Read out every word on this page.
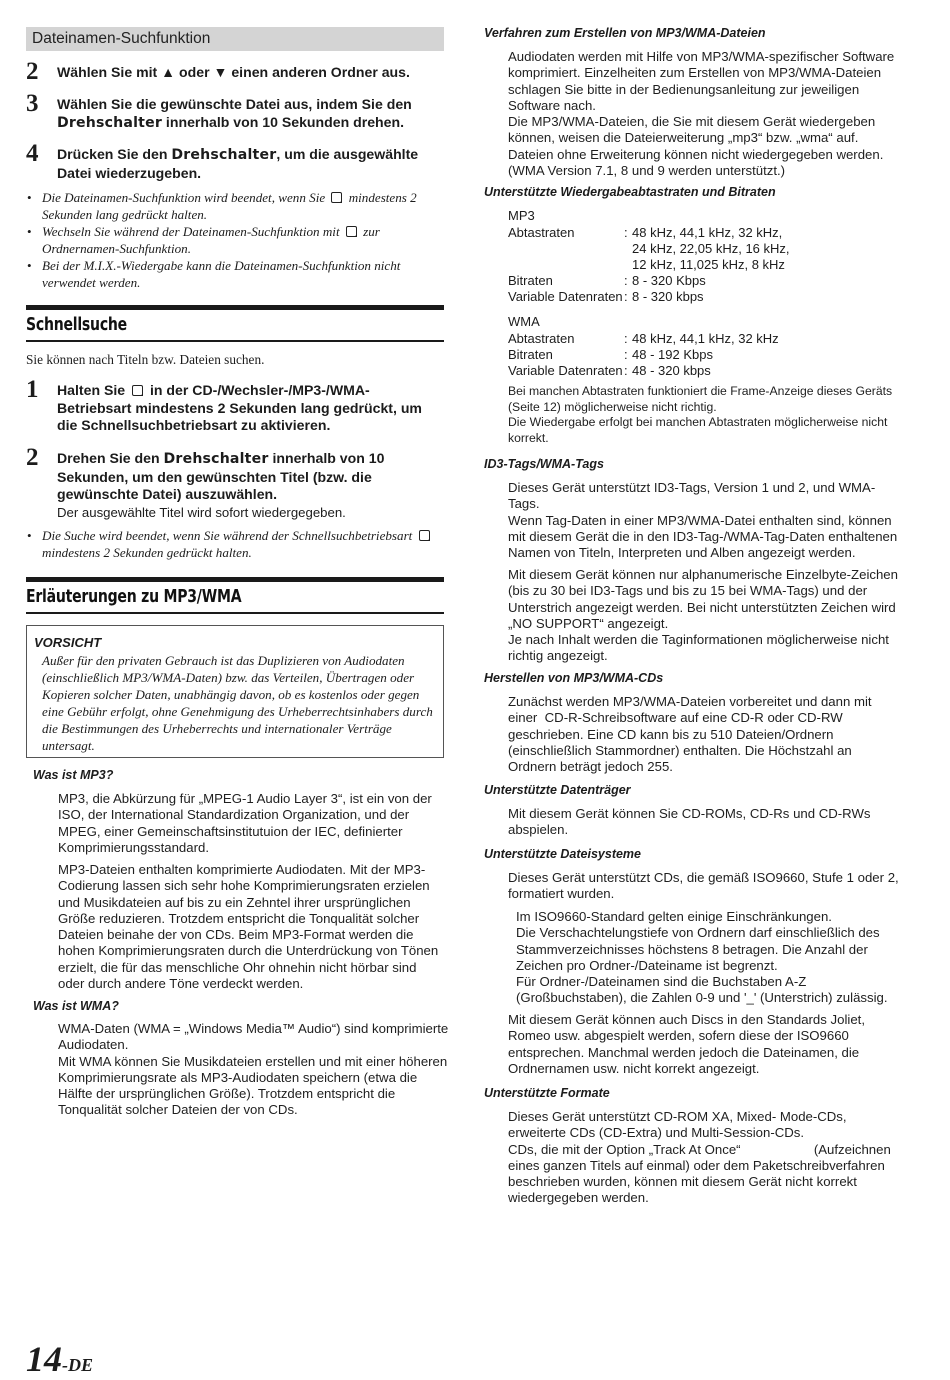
Dateinamen-Suchfunktion
2 Wählen Sie mit ▲ oder ▼ einen anderen Ordner aus.
3 Wählen Sie die gewünschte Datei aus, indem Sie den Drehschalter innerhalb von 10 Sekunden drehen.
4 Drücken Sie den Drehschalter, um die ausgewählte Datei wiederzugeben.
• Die Dateinamen-Suchfunktion wird beendet, wenn Sie  mindestens 2 Sekunden lang gedrückt halten.
• Wechseln Sie während der Dateinamen-Suchfunktion mit  zur Ordnernamen-Suchfunktion.
• Bei der M.I.X.-Wiedergabe kann die Dateinamen-Suchfunktion nicht verwendet werden.
Schnellsuche
Sie können nach Titeln bzw. Dateien suchen.
1 Halten Sie  in der CD-/Wechsler-/MP3-/WMA-Betriebsart mindestens 2 Sekunden lang gedrückt, um die Schnellsuchbetriebsart zu aktivieren.
2 Drehen Sie den Drehschalter innerhalb von 10 Sekunden, um den gewünschten Titel (bzw. die gewünschte Datei) auszuwählen.
Der ausgewählte Titel wird sofort wiedergegeben.
• Die Suche wird beendet, wenn Sie während der Schnellsuchbetriebsart  mindestens 2 Sekunden gedrückt halten.
Erläuterungen zu MP3/WMA
VORSICHT
Außer für den privaten Gebrauch ist das Duplizieren von Audiodaten (einschließlich MP3/WMA-Daten) bzw. das Verteilen, Übertragen oder Kopieren solcher Daten, unabhängig davon, ob es kostenlos oder gegen eine Gebühr erfolgt, ohne Genehmigung des Urheberrechtsinhabers durch die Bestimmungen des Urheberrechts und internationaler Verträge untersagt.
Was ist MP3?
MP3, die Abkürzung für „MPEG-1 Audio Layer 3“, ist ein von der ISO, der International Standardization Organization, und der MPEG, einer Gemeinschaftsinstitutuion der IEC, definierter Komprimierungsstandard.
MP3-Dateien enthalten komprimierte Audiodaten. Mit der MP3-Codierung lassen sich sehr hohe Komprimierungsraten erzielen und Musikdateien auf bis zu ein Zehntel ihrer ursprünglichen Größe reduzieren. Trotzdem entspricht die Tonqualität solcher Dateien beinahe der von CDs. Beim MP3-Format werden die hohen Komprimierungsraten durch die Unterdrückung von Tönen erzielt, die für das menschliche Ohr ohnehin nicht hörbar sind oder durch andere Töne verdeckt werden.
Was ist WMA?
WMA-Daten (WMA = „Windows Media™ Audio“) sind komprimierte Audiodaten.
Mit WMA können Sie Musikdateien erstellen und mit einer höheren Komprimierungsrate als MP3-Audiodaten speichern (etwa die Hälfte der ursprünglichen Größe). Trotzdem entspricht die Tonqualität solcher Dateien der von CDs.
Verfahren zum Erstellen von MP3/WMA-Dateien
Audiodaten werden mit Hilfe von MP3/WMA-spezifischer Software komprimiert. Einzelheiten zum Erstellen von MP3/WMA-Dateien schlagen Sie bitte in der Bedienungsanleitung zur jeweiligen Software nach.
Die MP3/WMA-Dateien, die Sie mit diesem Gerät wiedergeben können, weisen die Dateierweiterung „mp3“ bzw. „wma“ auf. Dateien ohne Erweiterung können nicht wiedergegeben werden. (WMA Version 7.1, 8 und 9 werden unterstützt.)
Unterstützte Wiedergabeabtastraten und Bitraten
MP3
Abtastraten	: 48 kHz, 44,1 kHz, 32 kHz,
24 kHz, 22,05 kHz, 16 kHz,
12 kHz, 11,025 kHz, 8 kHz
Bitraten	: 8 - 320 Kbps
Variable Datenraten : 8 - 320 kbps
WMA
Abtastraten	: 48 kHz, 44,1 kHz, 32 kHz
Bitraten	: 48 - 192 Kbps
Variable Datenraten : 48 - 320 kbps
Bei manchen Abtastraten funktioniert die Frame-Anzeige dieses Geräts (Seite 12) möglicherweise nicht richtig.
Die Wiedergabe erfolgt bei manchen Abtastraten möglicherweise nicht korrekt.
ID3-Tags/WMA-Tags
Dieses Gerät unterstützt ID3-Tags, Version 1 und 2, und WMA-Tags.
Wenn Tag-Daten in einer MP3/WMA-Datei enthalten sind, können mit diesem Gerät die in den ID3-Tag-/WMA-Tag-Daten enthaltenen Namen von Titeln, Interpreten und Alben angezeigt werden.
Mit diesem Gerät können nur alphanumerische Einzelbyte-Zeichen (bis zu 30 bei ID3-Tags und bis zu 15 bei WMA-Tags) und der Unterstrich angezeigt werden. Bei nicht unterstützten Zeichen wird „NO SUPPORT“ angezeigt.
Je nach Inhalt werden die Taginformationen möglicherweise nicht richtig angezeigt.
Herstellen von MP3/WMA-CDs
Zunächst werden MP3/WMA-Dateien vorbereitet und dann mit einer  CD-R-Schreibsoftware auf eine CD-R oder CD-RW geschrieben. Eine CD kann bis zu 510 Dateien/Ordnern (einschließlich Stammordner) enthalten. Die Höchstzahl an Ordnern beträgt jedoch 255.
Unterstützte Datenträger
Mit diesem Gerät können Sie CD-ROMs, CD-Rs und CD-RWs abspielen.
Unterstützte Dateisysteme
Dieses Gerät unterstützt CDs, die gemäß ISO9660, Stufe 1 oder 2, formatiert wurden.
Im ISO9660-Standard gelten einige Einschränkungen.
Die Verschachtelungstiefe von Ordnern darf einschließlich des Stammverzeichnisses höchstens 8 betragen. Die Anzahl der Zeichen pro Ordner-/Dateiname ist begrenzt.
Für Ordner-/Dateinamen sind die Buchstaben A-Z (Großbuchstaben), die Zahlen 0-9 und '_' (Unterstrich) zulässig.
Mit diesem Gerät können auch Discs in den Standards Joliet, Romeo usw. abgespielt werden, sofern diese der ISO9660 entsprechen. Manchmal werden jedoch die Dateinamen, die Ordnernamen usw. nicht korrekt angezeigt.
Unterstützte Formate
Dieses Gerät unterstützt CD-ROM XA, Mixed- Mode-CDs, erweiterte CDs (CD-Extra) und Multi-Session-CDs.
CDs, die mit der Option „Track At Once“                    (Aufzeichnen eines ganzen Titels auf einmal) oder dem Paketschreibverfahren beschrieben wurden, können mit diesem Gerät nicht korrekt wiedergegeben werden.
14-DE
